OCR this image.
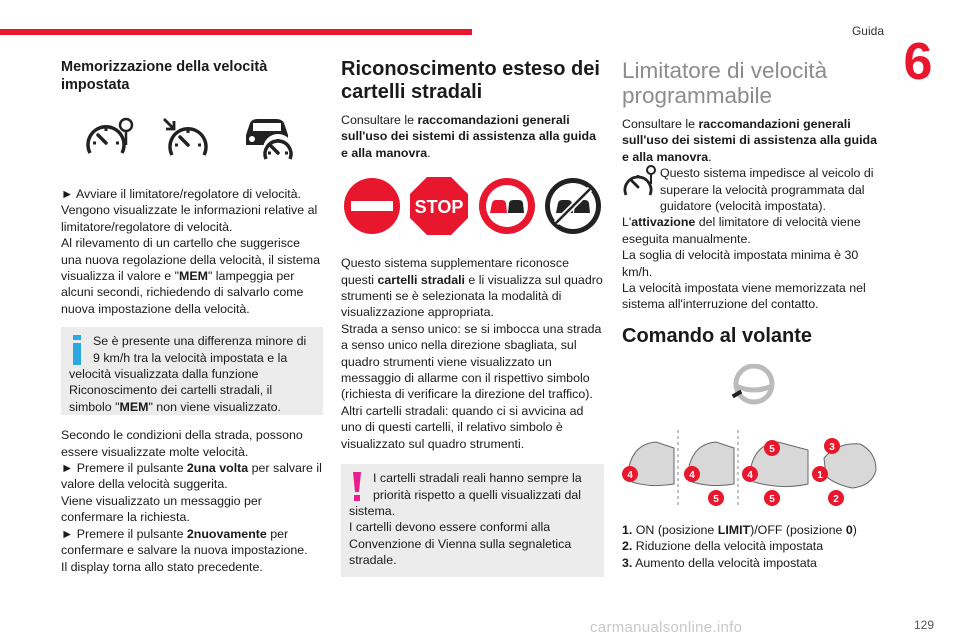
Guida
6
Memorizzazione della velocità impostata

► Avviare il limitatore/regolatore di velocità.

Vengono visualizzate le informazioni relative al limitatore/regolatore di velocità.

Al rilevamento di un cartello che suggerisce una nuova regolazione della velocità, il sistema visualizza il valore e "MEM" lampeggia per alcuni secondi, richiedendo di salvarlo come nuova impostazione della velocità.

Se è presente una differenza minore di 9 km/h tra la velocità impostata e la velocità visualizzata dalla funzione Riconoscimento dei cartelli stradali, il simbolo "MEM" non viene visualizzato.

Secondo le condizioni della strada, possono essere visualizzate molte velocità.

► Premere il pulsante 2una volta per salvare il valore della velocità suggerita.

Viene visualizzato un messaggio per confermare la richiesta.

► Premere il pulsante 2nuovamente per confermare e salvare la nuova impostazione.

Il display torna allo stato precedente.

Riconoscimento esteso dei cartelli stradali

Consultare le raccomandazioni generali sull'uso dei sistemi di assistenza alla guida e alla manovra.

STOP

Questo sistema supplementare riconosce questi cartelli stradali e li visualizza sul quadro strumenti se è selezionata la modalità di visualizzazione appropriata.

Strada a senso unico: se si imbocca una strada a senso unico nella direzione sbagliata, sul quadro strumenti viene visualizzato un messaggio di allarme con il rispettivo simbolo (richiesta di verificare la direzione del traffico).

Altri cartelli stradali: quando ci si avvicina ad uno di questi cartelli, il relativo simbolo è visualizzato sul quadro strumenti.

I cartelli stradali reali hanno sempre la priorità rispetto a quelli visualizzati dal sistema.

I cartelli devono essere conformi alla Convenzione di Vienna sulla segnaletica stradale.

Limitatore di velocità programmabile

Consultare le raccomandazioni generali sull'uso dei sistemi di assistenza alla guida e alla manovra.

Questo sistema impedisce al veicolo di superare la velocità programmata dal guidatore (velocità impostata).

L'attivazione del limitatore di velocità viene eseguita manualmente.

La soglia di velocità impostata minima è 30 km/h.

La velocità impostata viene memorizzata nel sistema all'interruzione del contatto.

Comando al volante
4	4	4
5
5
5
3
1
2
1. ON (posizione LIMIT)/OFF (posizione 0)
2. Riduzione della velocità impostata
3. Aumento della velocità impostata
carmanualsonline.info	129
